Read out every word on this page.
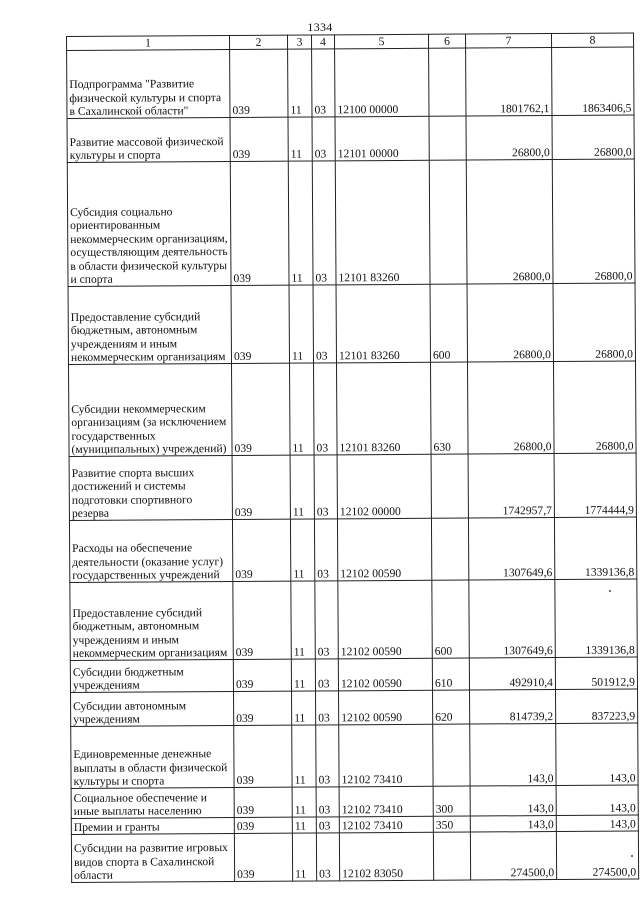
1334
1	2	3	4	5	6	7	8
Подпрограмма "Развитие физической культуры и спорта в Сахалинской области"	039	11	03	12100 00000		1801762,1	1863406,5
Развитие массовой физической культуры и спорта	039	11	03	12101 00000		26800,0	26800,0
Субсидия социально ориентированным некоммерческим организациям, осуществляющим деятельность в области физической культуры и спорта	039	11	03	12101 83260		26800,0	26800,0
Предоставление субсидий бюджетным, автономным учреждениям и иным некоммерческим организациям	039	11	03	12101 83260	600	26800,0	26800,0
Субсидии некоммерческим организациям (за исключением государственных (муниципальных) учреждений)	039	11	03	12101 83260	630	26800,0	26800,0
Развитие спорта высших достижений и системы подготовки спортивного резерва	039	11	03	12102 00000		1742957,7	1774444,9
Расходы на обеспечение деятельности (оказание услуг) государственных учреждений	039	11	03	12102 00590		1307649,6	1339136,8
Предоставление субсидий бюджетным, автономным учреждениям и иным некоммерческим организациям	039	11	03	12102 00590	600	1307649,6	1339136,8
Субсидии бюджетным учреждениям	039	11	03	12102 00590	610	492910,4	501912,9
Субсидии автономным учреждениям	039	11	03	12102 00590	620	814739,2	837223,9
Единовременные денежные выплаты в области физической культуры и спорта	039	11	03	12102 73410		143,0	143,0
Социальное обеспечение и иные выплаты населению	039	11	03	12102 73410	300	143,0	143,0
Премии и гранты	039	11	03	12102 73410	350	143,0	143,0
Субсидии на развитие игровых видов спорта в Сахалинской области	039	11	03	12102 83050		274500,0	274500,0
